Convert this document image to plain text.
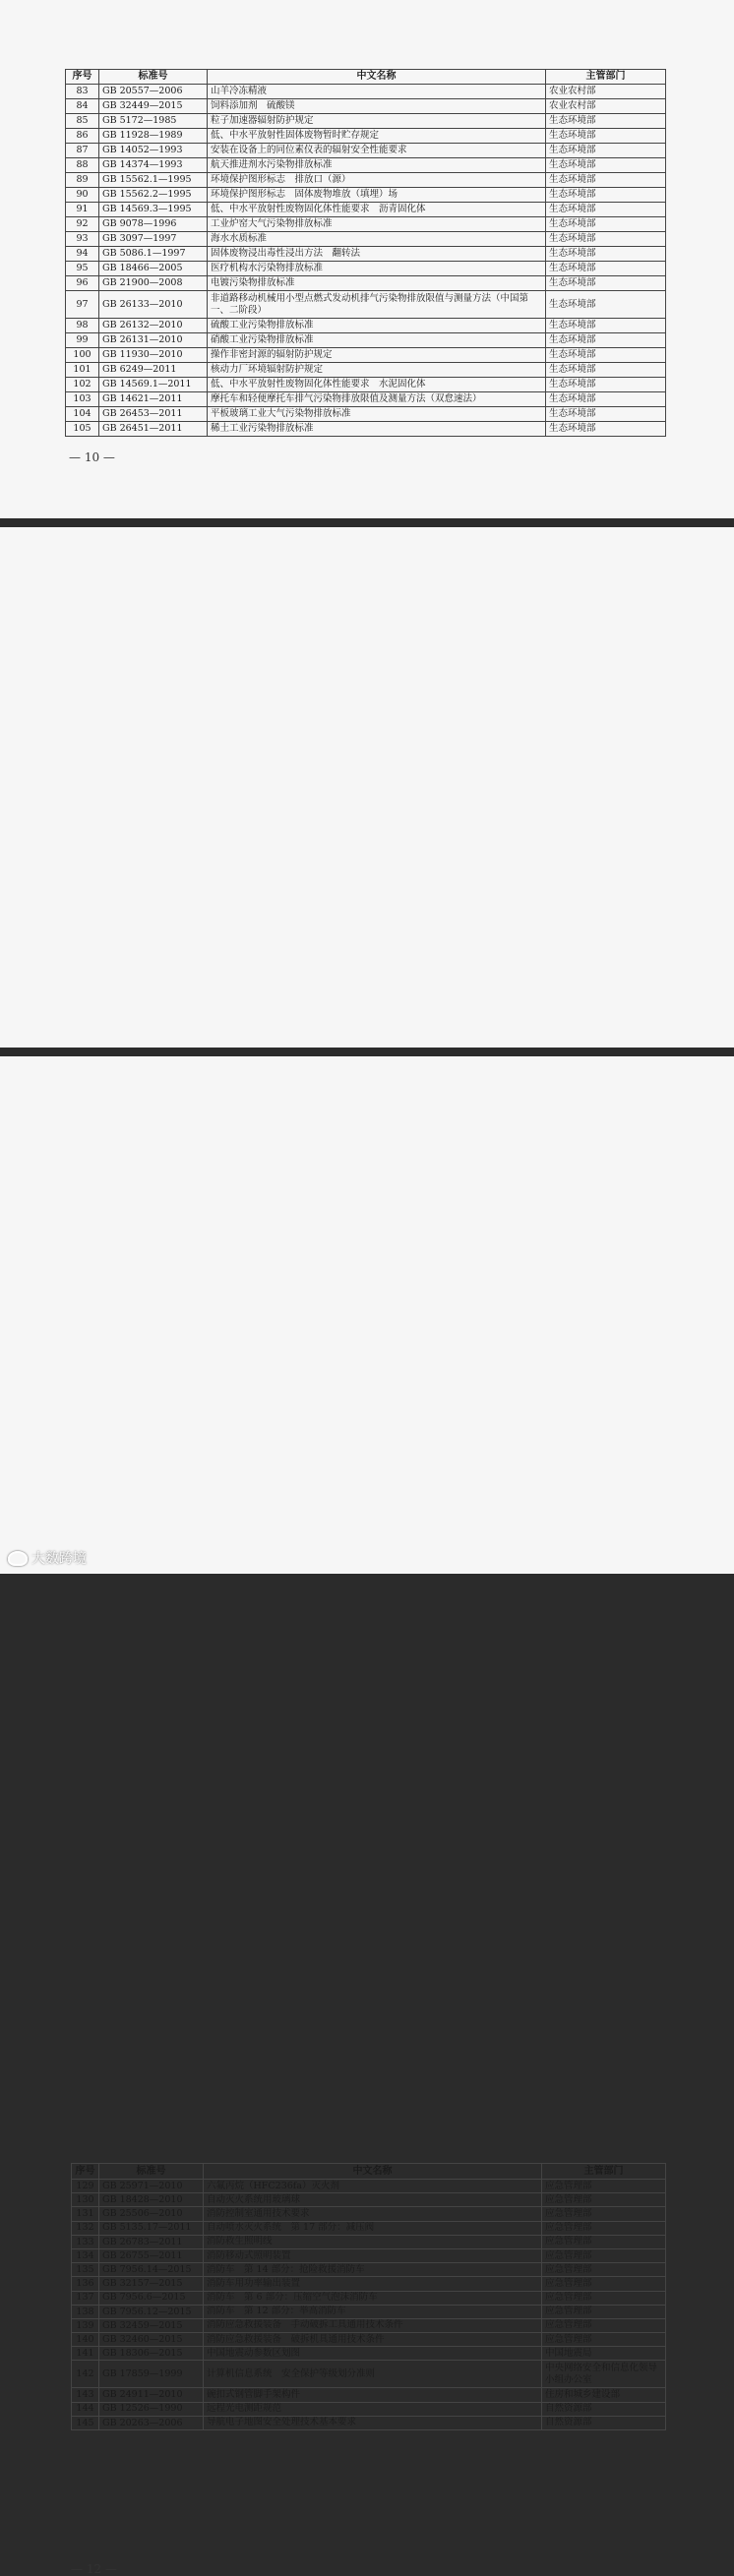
序号	标准号	中文名称	主管部门
83	GB 20557—2006	山羊冷冻精液	农业农村部
84	GB 32449—2015	饲料添加剂　硫酸镁	农业农村部
85	GB 5172—1985	粒子加速器辐射防护规定	生态环境部
86	GB 11928—1989	低、中水平放射性固体废物暂时贮存规定	生态环境部
87	GB 14052—1993	安装在设备上的同位素仪表的辐射安全性能要求	生态环境部
88	GB 14374—1993	航天推进剂水污染物排放标准	生态环境部
89	GB 15562.1—1995	环境保护图形标志　排放口（源）	生态环境部
90	GB 15562.2—1995	环境保护图形标志　固体废物堆放（填埋）场	生态环境部
91	GB 14569.3—1995	低、中水平放射性废物固化体性能要求　沥青固化体	生态环境部
92	GB 9078—1996	工业炉窑大气污染物排放标准	生态环境部
93	GB 3097—1997	海水水质标准	生态环境部
94	GB 5086.1—1997	固体废物浸出毒性浸出方法　翻转法	生态环境部
95	GB 18466—2005	医疗机构水污染物排放标准	生态环境部
96	GB 21900—2008	电镀污染物排放标准	生态环境部
97	GB 26133—2010	非道路移动机械用小型点燃式发动机排气污染物排放限值与测量方法（中国第一、二阶段）	生态环境部
98	GB 26132—2010	硫酸工业污染物排放标准	生态环境部
99	GB 26131—2010	硝酸工业污染物排放标准	生态环境部
100	GB 11930—2010	操作非密封源的辐射防护规定	生态环境部
101	GB 6249—2011	核动力厂环境辐射防护规定	生态环境部
102	GB 14569.1—2011	低、中水平放射性废物固化体性能要求　水泥固化体	生态环境部
103	GB 14621—2011	摩托车和轻便摩托车排气污染物排放限值及测量方法（双怠速法）	生态环境部
104	GB 26453—2011	平板玻璃工业大气污染物排放标准	生态环境部
105	GB 26451—2011	稀土工业污染物排放标准	生态环境部
— 10 —

序号	标准号	中文名称	主管部门
129	GB 25971—2010	六氟丙烷（HFC236fa）灭火剂	应急管理部
130	GB 18428—2010	自动灭火系统用玻璃球	应急管理部
131	GB 25506—2010	消防控制室通用技术要求	应急管理部
132	GB 5135.17—2011	自动喷水灭火系统　第 17 部分：减压阀	应急管理部
133	GB 26783—2011	消防救生照明线	应急管理部
134	GB 26755—2011	消防移动式照明装置	应急管理部
135	GB 7956.14—2015	消防车　第 14 部分：抢险救援消防车	应急管理部
136	GB 32157—2015	消防车用功率输出装置	应急管理部
137	GB 7956.6—2015	消防车　第 6 部分：压缩空气泡沫消防车	应急管理部
138	GB 7956.12—2015	消防车　第 12 部分：举高消防车	应急管理部
139	GB 32459—2015	消防应急救援装备　手动破拆工具通用技术条件	应急管理部
140	GB 32460—2015	消防应急救援装备　破拆机具通用技术条件	应急管理部
141	GB 18306—2015	中国地震动参数区划图	中国地震局
142	GB 17859—1999	计算机信息系统　安全保护等级划分准则	中央网络安全和信息化领导小组办公室
143	GB 24911—2010	碗扣式钢管脚手架构件	住房和城乡建设部
144	GB 12526—1990	远程光电测距规范	自然资源部
145	GB 20263—2006	导航电子地图安全处理技术基本要求	自然资源部
— 12 —
大数跨境
